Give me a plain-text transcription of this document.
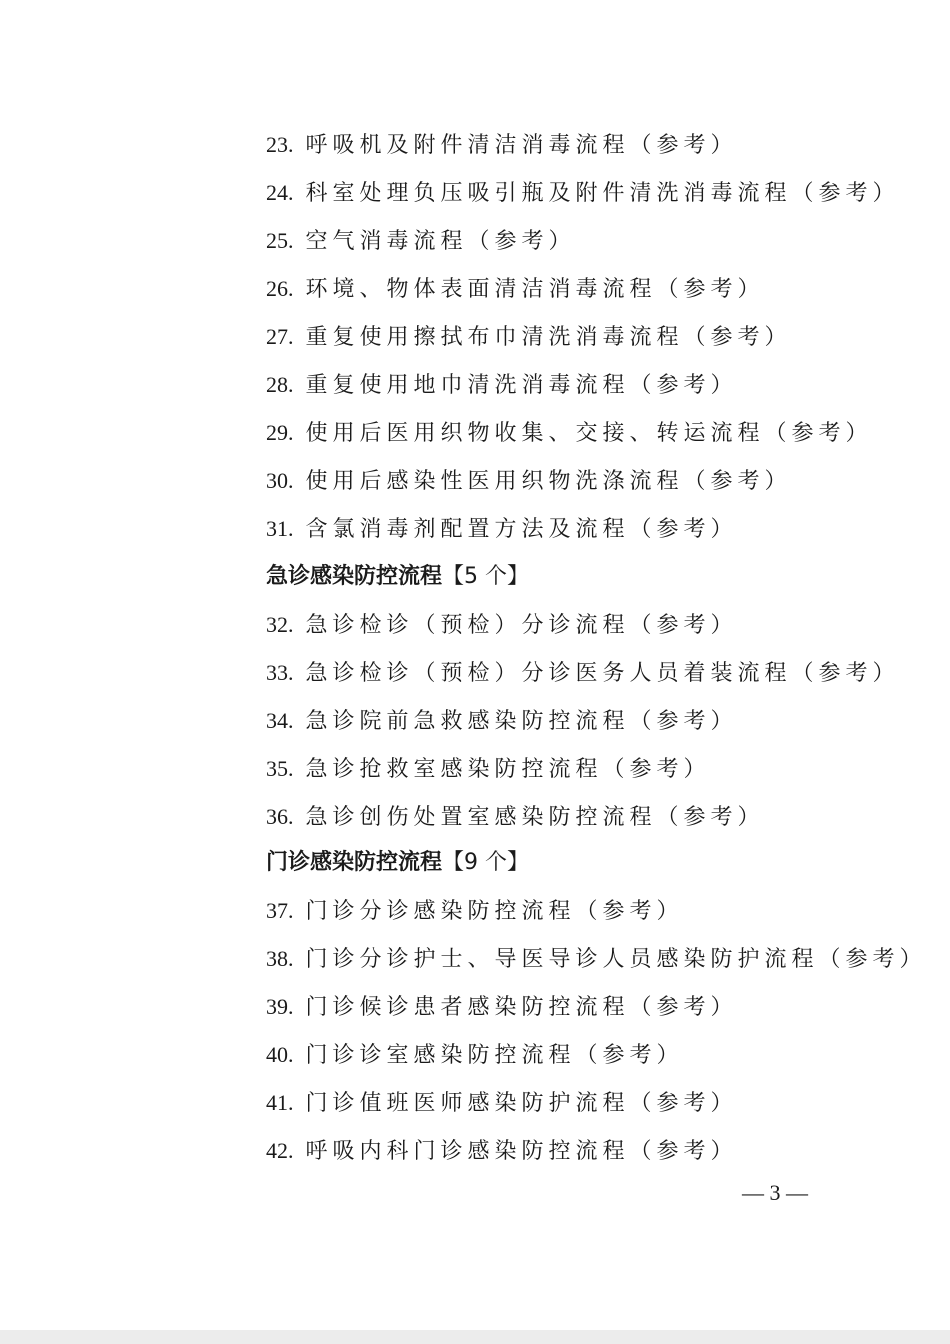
23. 呼吸机及附件清洁消毒流程（参考）
24. 科室处理负压吸引瓶及附件清洗消毒流程（参考）
25. 空气消毒流程（参考）
26. 环境、物体表面清洁消毒流程（参考）
27. 重复使用擦拭布巾清洗消毒流程（参考）
28. 重复使用地巾清洗消毒流程（参考）
29. 使用后医用织物收集、交接、转运流程（参考）
30. 使用后感染性医用织物洗涤流程（参考）
31. 含氯消毒剂配置方法及流程（参考）
急诊感染防控流程【5 个】
32. 急诊检诊（预检）分诊流程（参考）
33. 急诊检诊（预检）分诊医务人员着装流程（参考）
34. 急诊院前急救感染防控流程（参考）
35. 急诊抢救室感染防控流程（参考）
36. 急诊创伤处置室感染防控流程（参考）
门诊感染防控流程【9 个】
37. 门诊分诊感染防控流程（参考）
38. 门诊分诊护士、导医导诊人员感染防护流程（参考）
39. 门诊候诊患者感染防控流程（参考）
40. 门诊诊室感染防控流程（参考）
41. 门诊值班医师感染防护流程（参考）
42. 呼吸内科门诊感染防控流程（参考）
— 3 —
